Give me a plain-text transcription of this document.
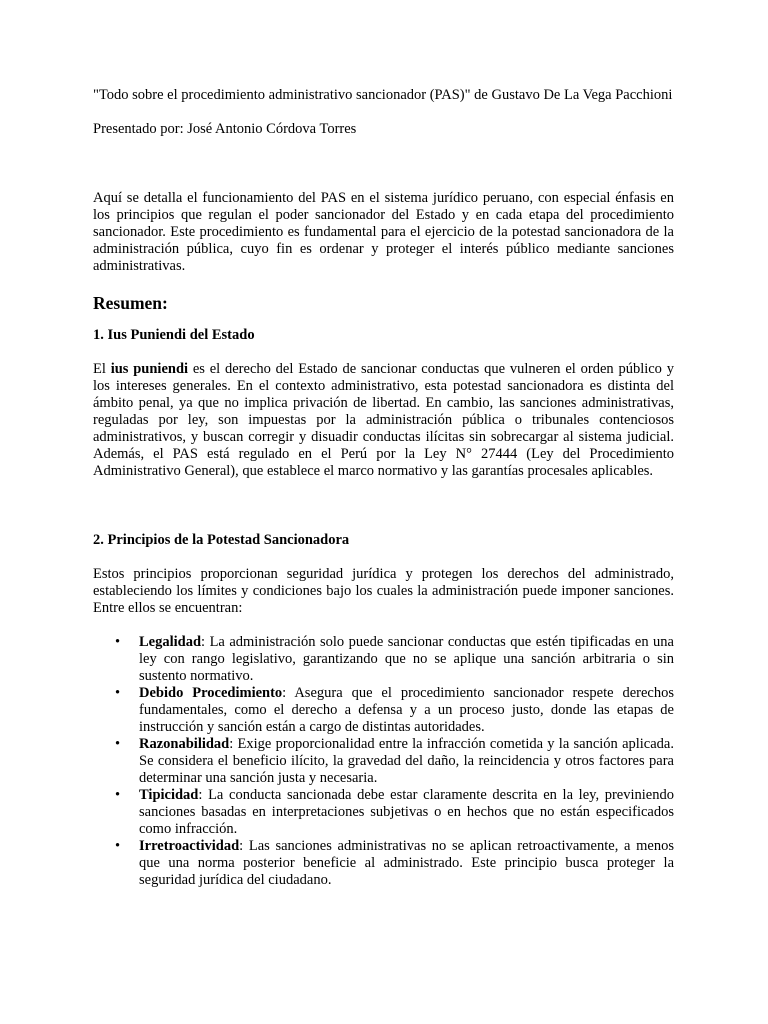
"Todo sobre el procedimiento administrativo sancionador (PAS)" de Gustavo De La Vega Pacchioni

Presentado por: José Antonio Córdova Torres

Aquí se detalla el funcionamiento del PAS en el sistema jurídico peruano, con especial énfasis en los principios que regulan el poder sancionador del Estado y en cada etapa del procedimiento sancionador. Este procedimiento es fundamental para el ejercicio de la potestad sancionadora de la administración pública, cuyo fin es ordenar y proteger el interés público mediante sanciones administrativas.

Resumen:
1. Ius Puniendi del Estado

El ius puniendi es el derecho del Estado de sancionar conductas que vulneren el orden público y los intereses generales. En el contexto administrativo, esta potestad sancionadora es distinta del ámbito penal, ya que no implica privación de libertad. En cambio, las sanciones administrativas, reguladas por ley, son impuestas por la administración pública o tribunales contenciosos administrativos, y buscan corregir y disuadir conductas ilícitas sin sobrecargar al sistema judicial. Además, el PAS está regulado en el Perú por la Ley N° 27444 (Ley del Procedimiento Administrativo General), que establece el marco normativo y las garantías procesales aplicables.

2. Principios de la Potestad Sancionadora

Estos principios proporcionan seguridad jurídica y protegen los derechos del administrado, estableciendo los límites y condiciones bajo los cuales la administración puede imponer sanciones. Entre ellos se encuentran:

• Legalidad: La administración solo puede sancionar conductas que estén tipificadas en una ley con rango legislativo, garantizando que no se aplique una sanción arbitraria o sin sustento normativo.
• Debido Procedimiento: Asegura que el procedimiento sancionador respete derechos fundamentales, como el derecho a defensa y a un proceso justo, donde las etapas de instrucción y sanción están a cargo de distintas autoridades.
• Razonabilidad: Exige proporcionalidad entre la infracción cometida y la sanción aplicada. Se considera el beneficio ilícito, la gravedad del daño, la reincidencia y otros factores para determinar una sanción justa y necesaria.
• Tipicidad: La conducta sancionada debe estar claramente descrita en la ley, previniendo sanciones basadas en interpretaciones subjetivas o en hechos que no están especificados como infracción.
• Irretroactividad: Las sanciones administrativas no se aplican retroactivamente, a menos que una norma posterior beneficie al administrado. Este principio busca proteger la seguridad jurídica del ciudadano.
